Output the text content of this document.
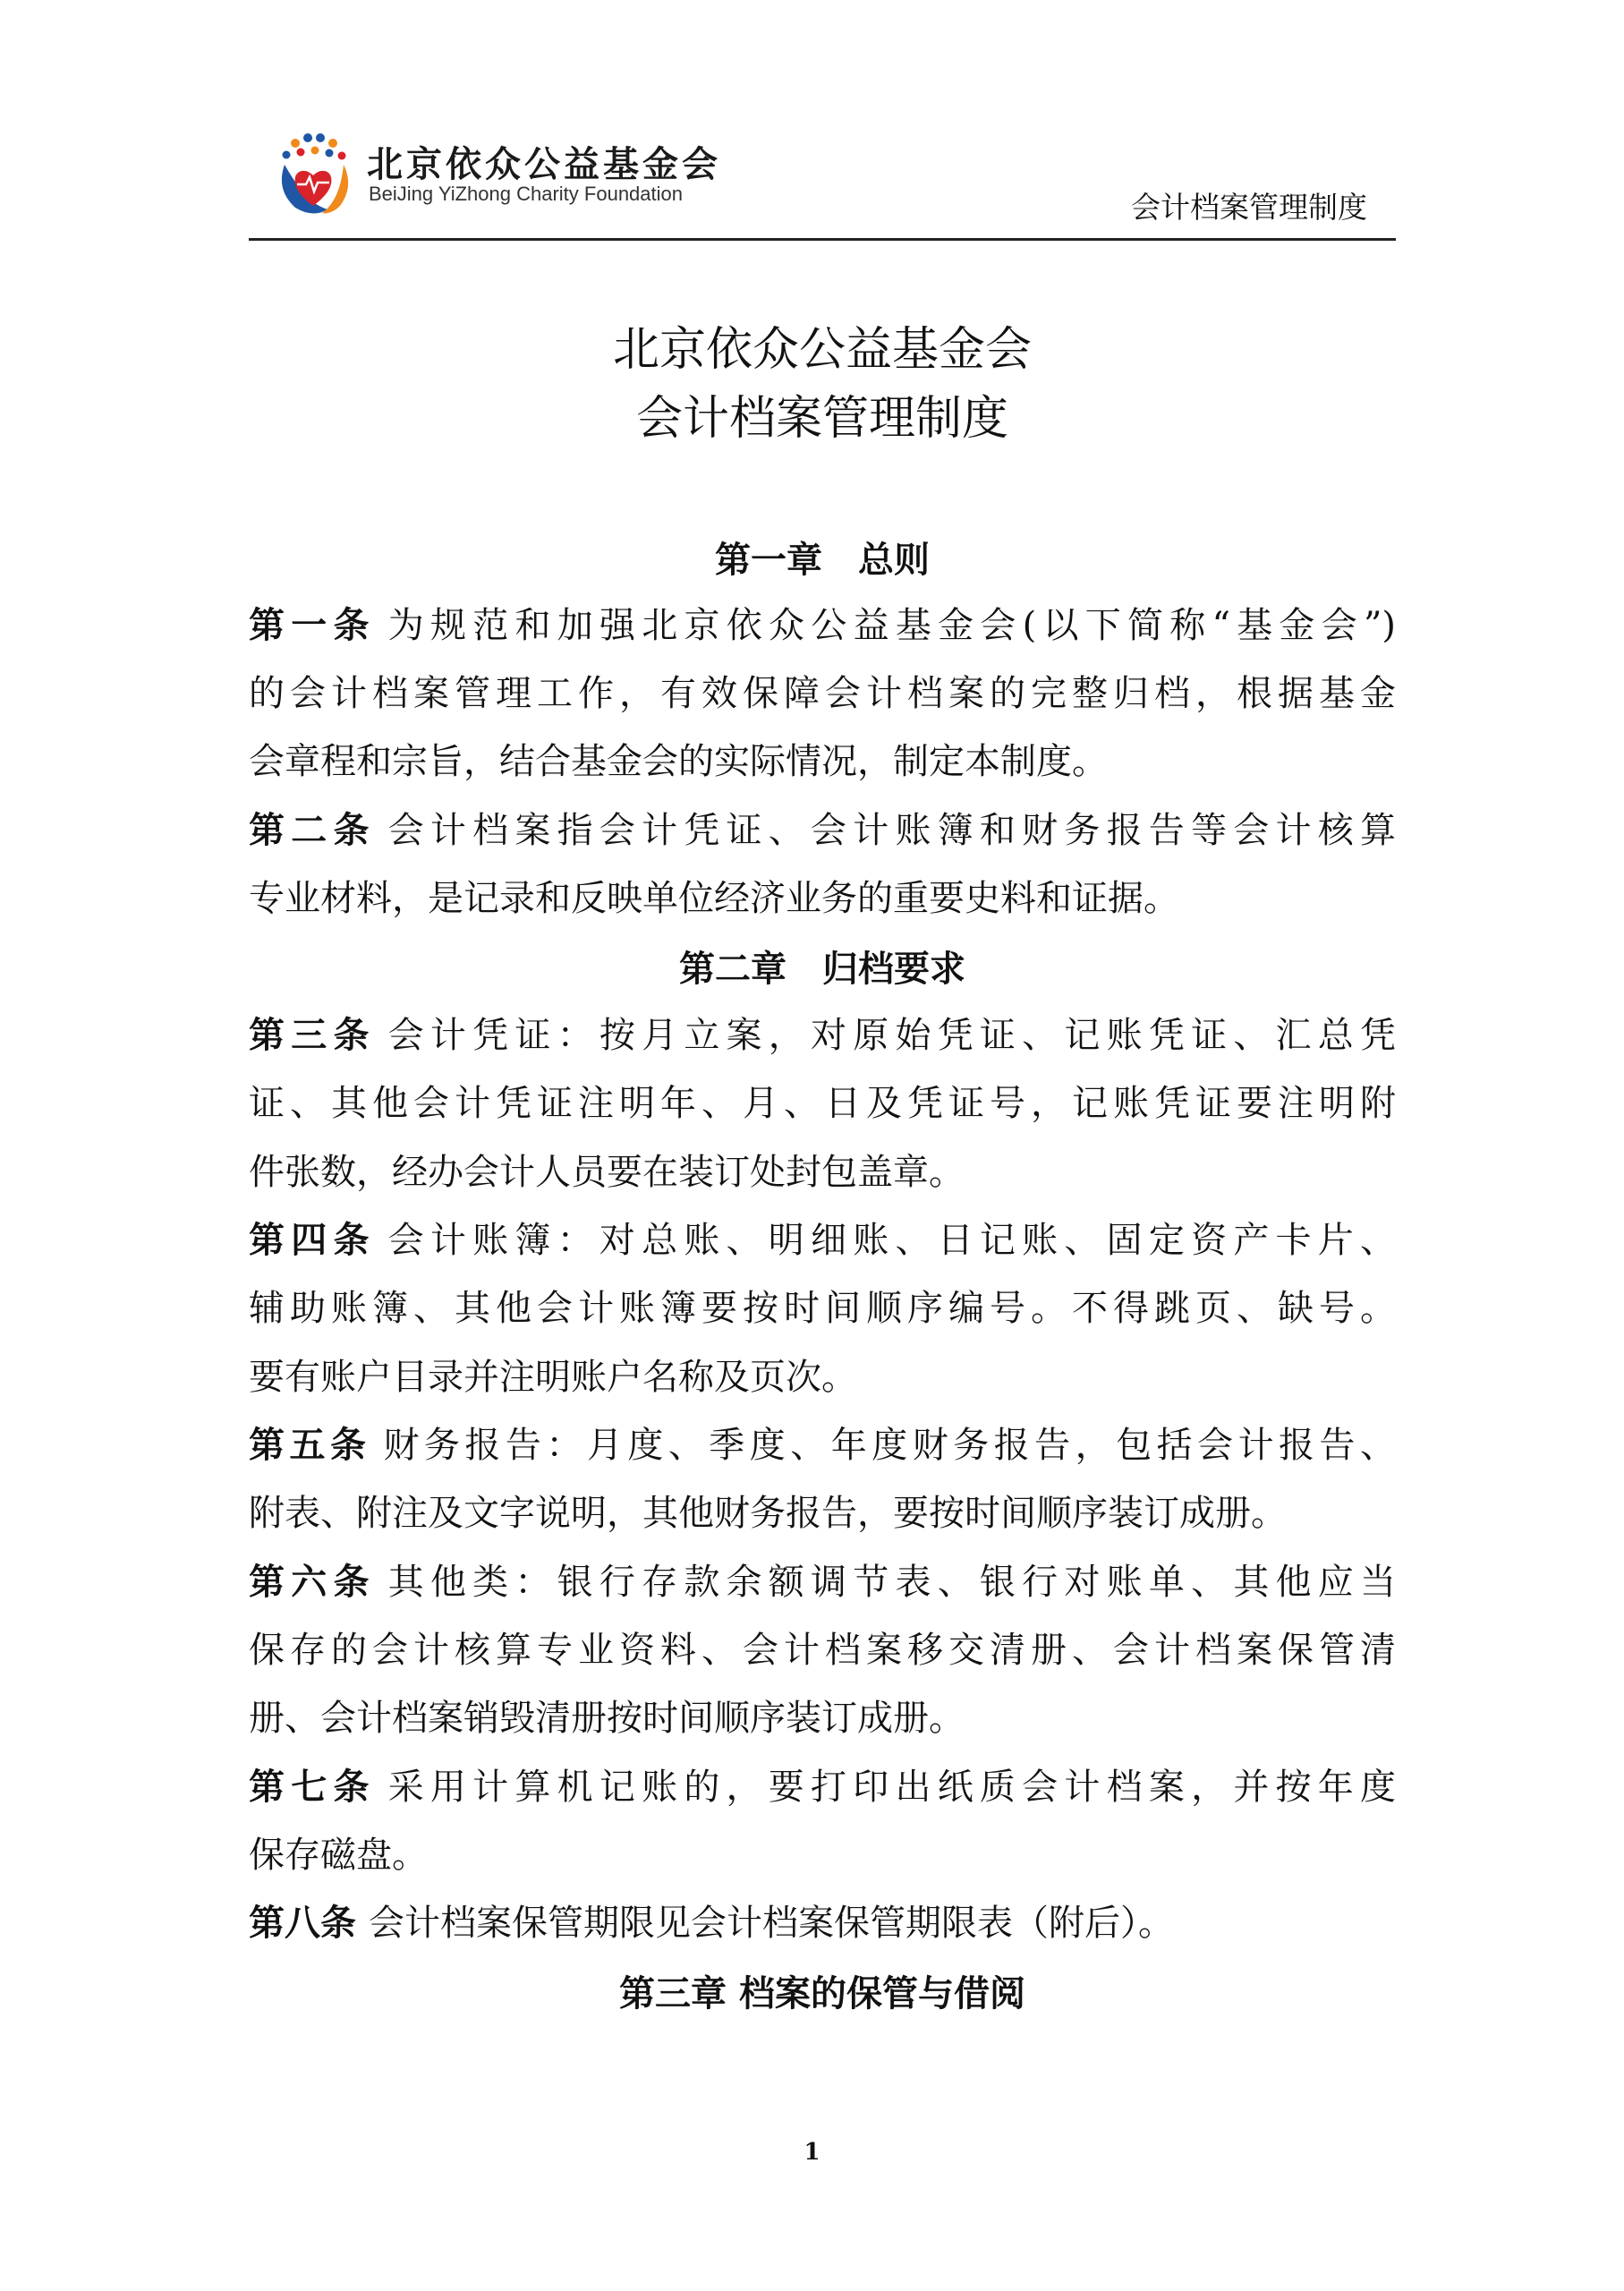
北京依众公益基金会
BeiJing YiZhong Charity Foundation	会计档案管理制度
北京依众公益基金会
会计档案管理制度
第一章　总则
第一条 为规范和加强北京依众公益基金会(以下简称“基金会”)
的会计档案管理工作，有效保障会计档案的完整归档，根据基金
会章程和宗旨，结合基金会的实际情况，制定本制度。
第二条 会计档案指会计凭证、会计账簿和财务报告等会计核算
专业材料，是记录和反映单位经济业务的重要史料和证据。
第二章　归档要求
第三条 会计凭证：按月立案，对原始凭证、记账凭证、汇总凭
证、其他会计凭证注明年、月、日及凭证号，记账凭证要注明附
件张数，经办会计人员要在装订处封包盖章。
第四条 会计账簿：对总账、明细账、日记账、固定资产卡片、
辅助账簿、其他会计账簿要按时间顺序编号。不得跳页、缺号。
要有账户目录并注明账户名称及页次。
第五条 财务报告：月度、季度、年度财务报告，包括会计报告、
附表、附注及文字说明，其他财务报告，要按时间顺序装订成册。
第六条 其他类：银行存款余额调节表、银行对账单、其他应当
保存的会计核算专业资料、会计档案移交清册、会计档案保管清
册、会计档案销毁清册按时间顺序装订成册。
第七条 采用计算机记账的，要打印出纸质会计档案，并按年度
保存磁盘。
第八条 会计档案保管期限见会计档案保管期限表（附后）。
第三章 档案的保管与借阅
1
